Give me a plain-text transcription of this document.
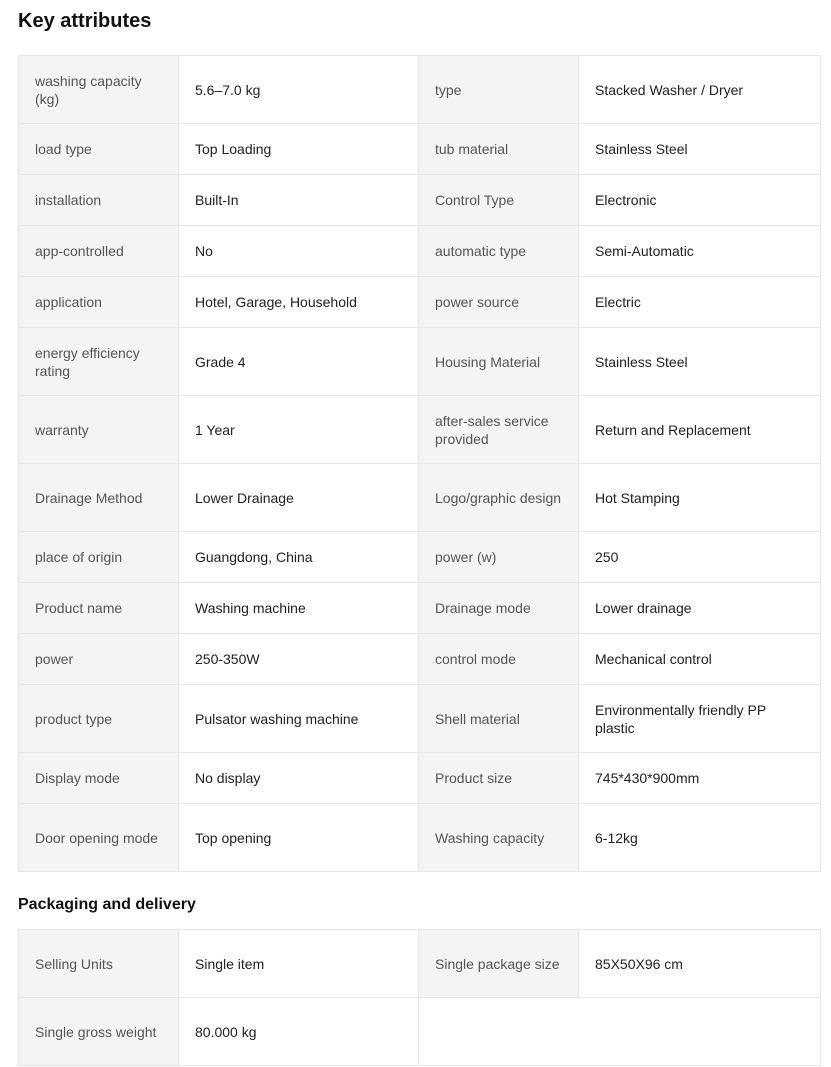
Key attributes
washing capacity (kg)	5.6–7.0 kg	type	Stacked Washer / Dryer
load type	Top Loading	tub material	Stainless Steel
installation	Built-In	Control Type	Electronic
app-controlled	No	automatic type	Semi-Automatic
application	Hotel, Garage, Household	power source	Electric
energy efficiency rating	Grade 4	Housing Material	Stainless Steel
warranty	1 Year	after-sales service provided	Return and Replacement
Drainage Method	Lower Drainage	Logo/graphic design	Hot Stamping
place of origin	Guangdong, China	power (w)	250
Product name	Washing machine	Drainage mode	Lower drainage
power	250-350W	control mode	Mechanical control
product type	Pulsator washing machine	Shell material	Environmentally friendly PP plastic
Display mode	No display	Product size	745*430*900mm
Door opening mode	Top opening	Washing capacity	6-12kg
Packaging and delivery
Selling Units	Single item	Single package size	85X50X96 cm
Single gross weight	80.000 kg		
